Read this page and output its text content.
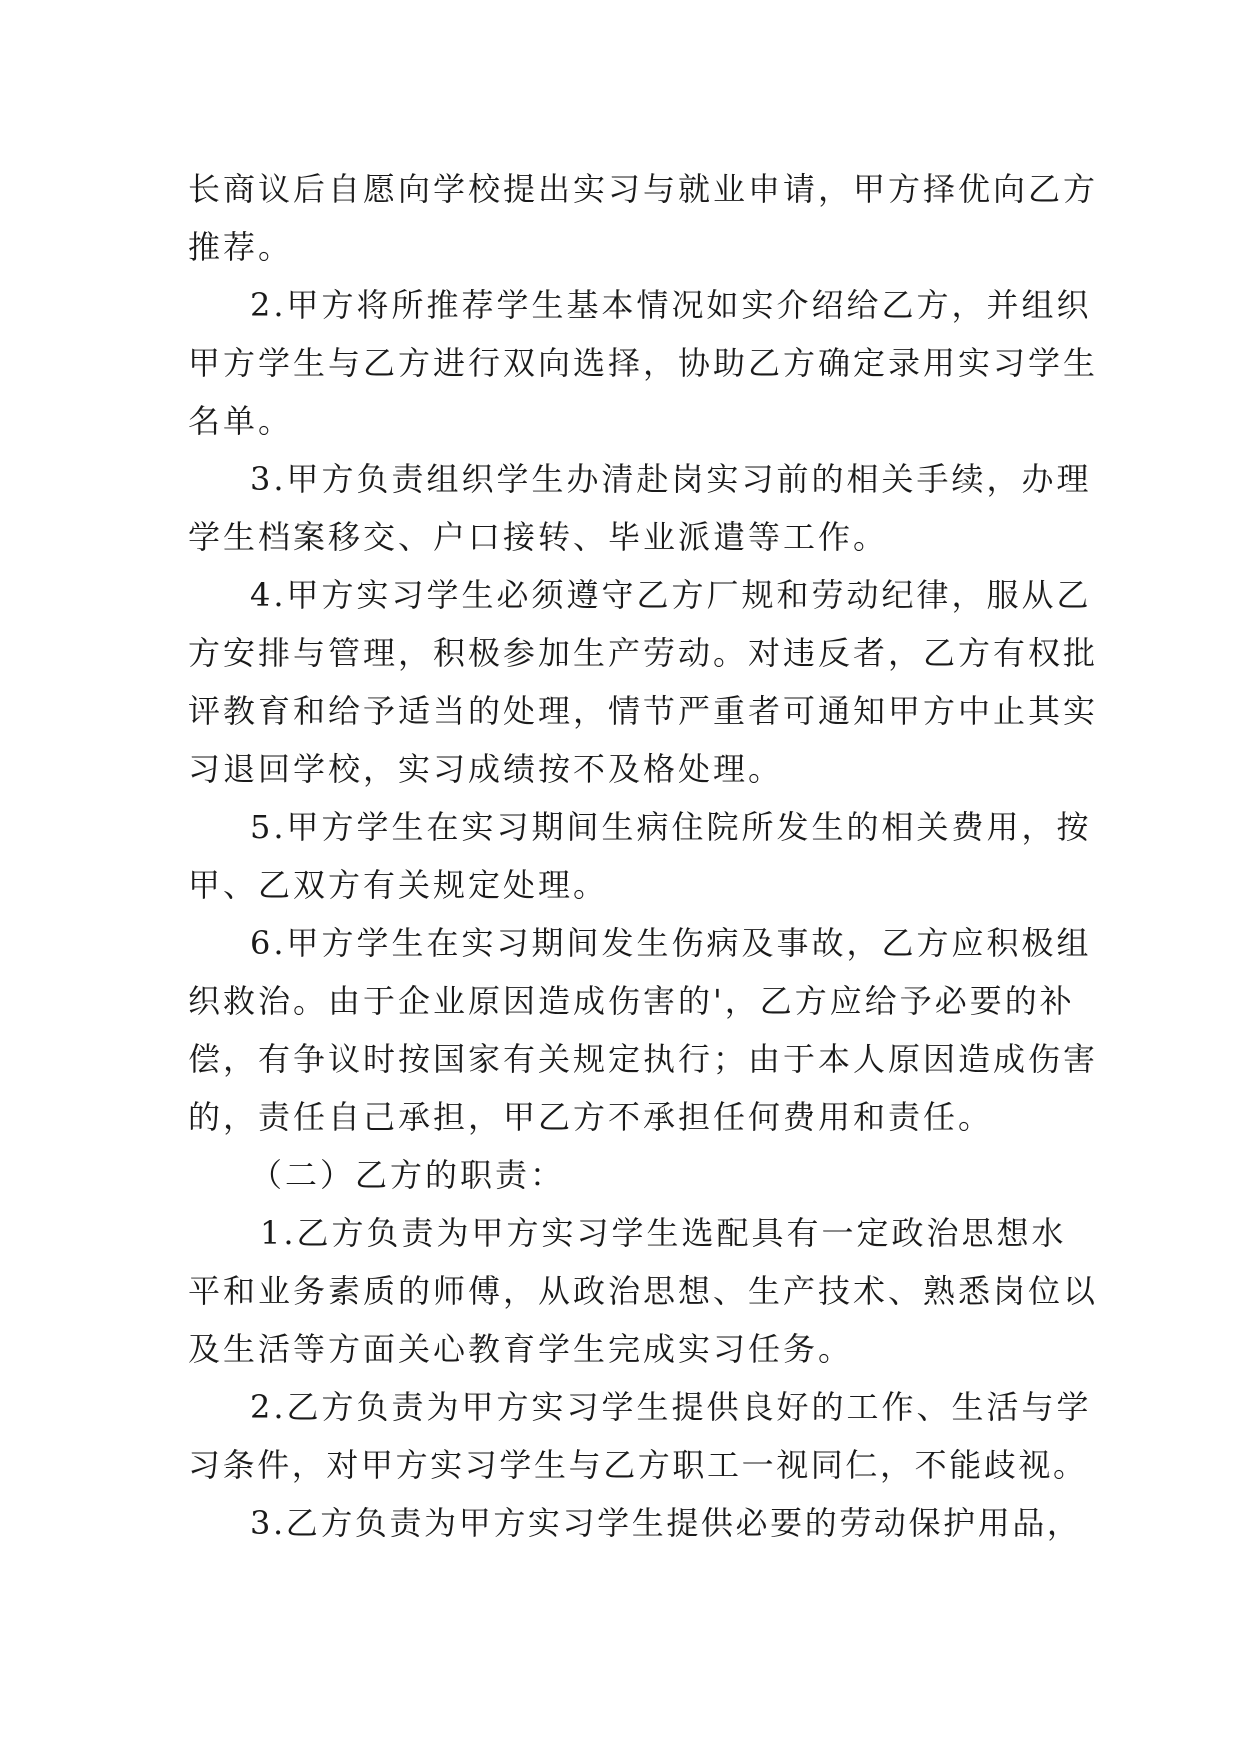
长商议后自愿向学校提出实习与就业申请，甲方择优向乙方

推荐。

2.甲方将所推荐学生基本情况如实介绍给乙方，并组织

甲方学生与乙方进行双向选择，协助乙方确定录用实习学生

名单。

3.甲方负责组织学生办清赴岗实习前的相关手续，办理

学生档案移交、户口接转、毕业派遣等工作。

4.甲方实习学生必须遵守乙方厂规和劳动纪律，服从乙

方安排与管理，积极参加生产劳动。对违反者，乙方有权批

评教育和给予适当的处理，情节严重者可通知甲方中止其实

习退回学校，实习成绩按不及格处理。

5.甲方学生在实习期间生病住院所发生的相关费用，按

甲、乙双方有关规定处理。

6.甲方学生在实习期间发生伤病及事故，乙方应积极组

织救治。由于企业原因造成伤害的'，乙方应给予必要的补

偿，有争议时按国家有关规定执行；由于本人原因造成伤害

的，责任自己承担，甲乙方不承担任何费用和责任。

（二）乙方的职责：

1.乙方负责为甲方实习学生选配具有一定政治思想水

平和业务素质的师傅，从政治思想、生产技术、熟悉岗位以

及生活等方面关心教育学生完成实习任务。

2.乙方负责为甲方实习学生提供良好的工作、生活与学

习条件，对甲方实习学生与乙方职工一视同仁，不能歧视。

3.乙方负责为甲方实习学生提供必要的劳动保护用品，
